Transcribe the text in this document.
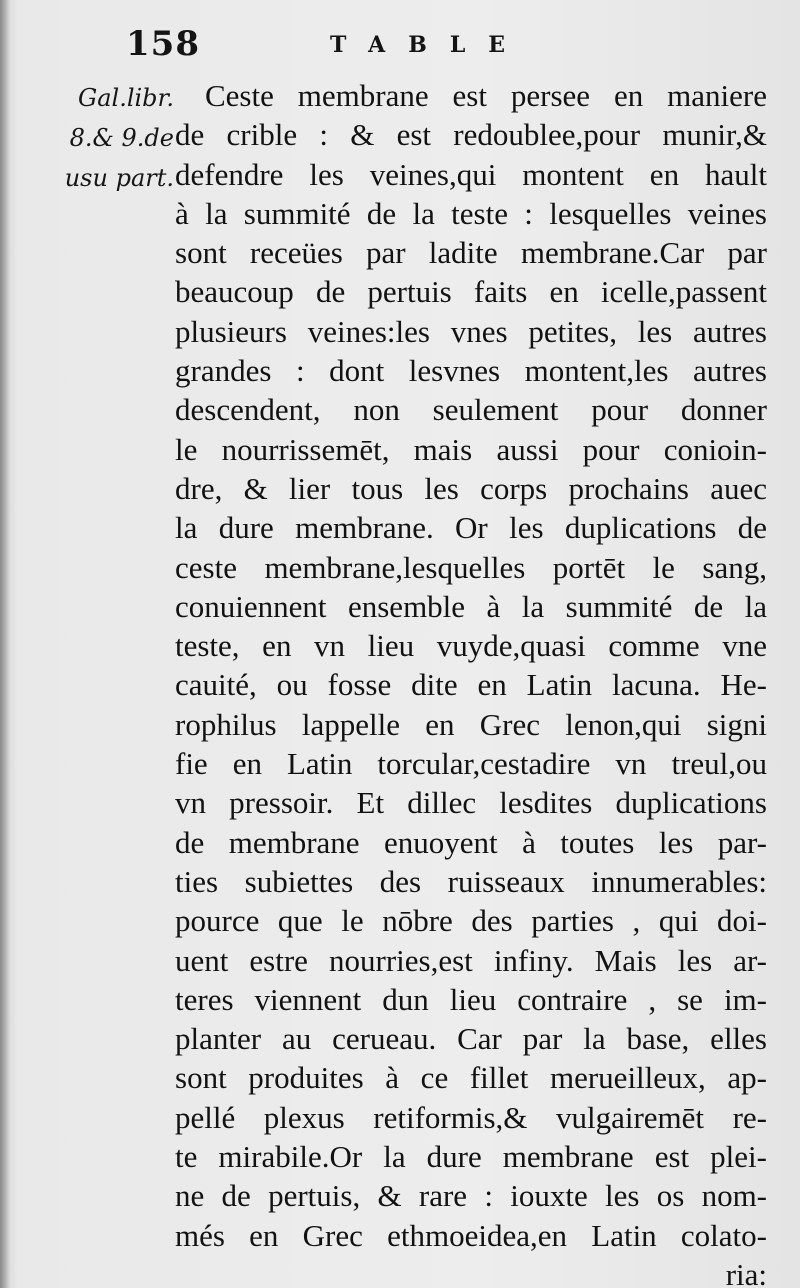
158	TABLE
Gal.libr.
8.& 9.de
usu part.
Ceste membrane est persee en maniere
de crible : & est redoublee,pour munir,&
defendre les veines,qui montent en hault
à la summité de la teste : lesquelles veines
sont receües par ladite membrane.Car par
beaucoup de pertuis faits en icelle,passent
plusieurs veines:les vnes petites, les autres
grandes : dont lesvnes montent,les autres
descendent, non seulement pour donner
le nourrissemēt, mais aussi pour conioin-
dre, & lier tous les corps prochains auec
la dure membrane. Or les duplications de
ceste membrane,lesquelles portēt le sang,
conuiennent ensemble à la summité de la
teste, en vn lieu vuyde,quasi comme vne
cauité, ou fosse dite en Latin lacuna. He-
rophilus lappelle en Grec lenon,qui signi
fie en Latin torcular,cestadire vn treul,ou
vn pressoir. Et dillec lesdites duplications
de membrane enuoyent à toutes les par-
ties subiettes des ruisseaux innumerables:
pource que le nōbre des parties , qui doi-
uent estre nourries,est infiny. Mais les ar-
teres viennent dun lieu contraire , se im-
planter au cerueau. Car par la base, elles
sont produites à ce fillet merueilleux, ap-
pellé plexus retiformis,& vulgairemēt re-
te mirabile.Or la dure membrane est plei-
ne de pertuis, & rare : iouxte les os nom-
més en Grec ethmoeidea,en Latin colato-
ria:
